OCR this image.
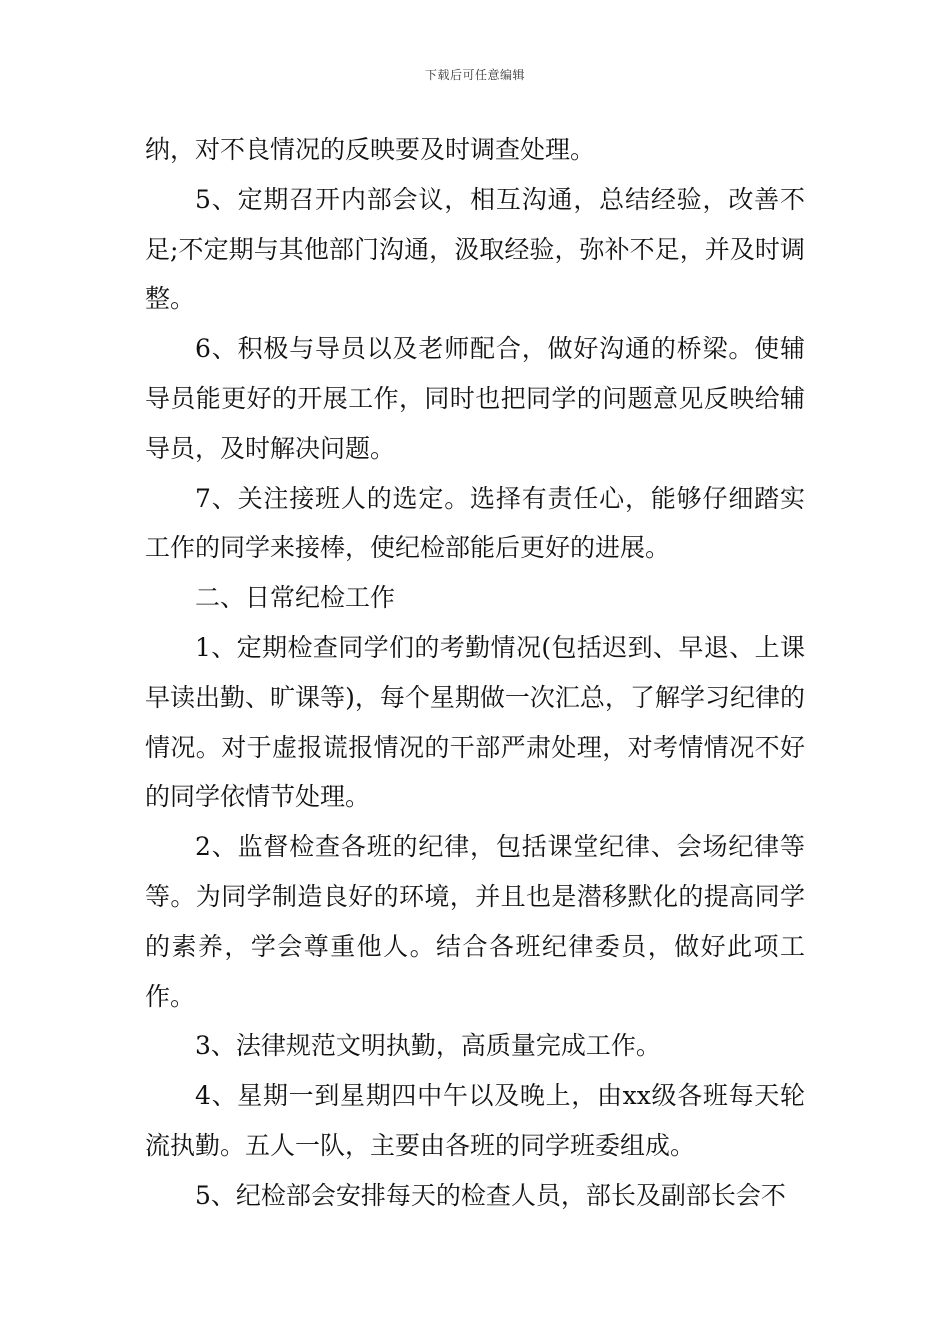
下载后可任意编辑

纳，对不良情况的反映要及时调查处理。

5、定期召开内部会议，相互沟通，总结经验，改善不足;不定期与其他部门沟通，汲取经验，弥补不足，并及时调整。

6、积极与导员以及老师配合，做好沟通的桥梁。使辅导员能更好的开展工作，同时也把同学的问题意见反映给辅导员，及时解决问题。

7、关注接班人的选定。选择有责任心，能够仔细踏实工作的同学来接棒，使纪检部能后更好的进展。

二、日常纪检工作

1、定期检查同学们的考勤情况(包括迟到、早退、上课早读出勤、旷课等)，每个星期做一次汇总，了解学习纪律的情况。对于虚报谎报情况的干部严肃处理，对考情情况不好的同学依情节处理。

2、监督检查各班的纪律，包括课堂纪律、会场纪律等等。为同学制造良好的环境，并且也是潜移默化的提高同学的素养，学会尊重他人。结合各班纪律委员，做好此项工作。

3、法律规范文明执勤，高质量完成工作。

4、星期一到星期四中午以及晚上，由xx级各班每天轮流执勤。五人一队，主要由各班的同学班委组成。

5、纪检部会安排每天的检查人员，部长及副部长会不
